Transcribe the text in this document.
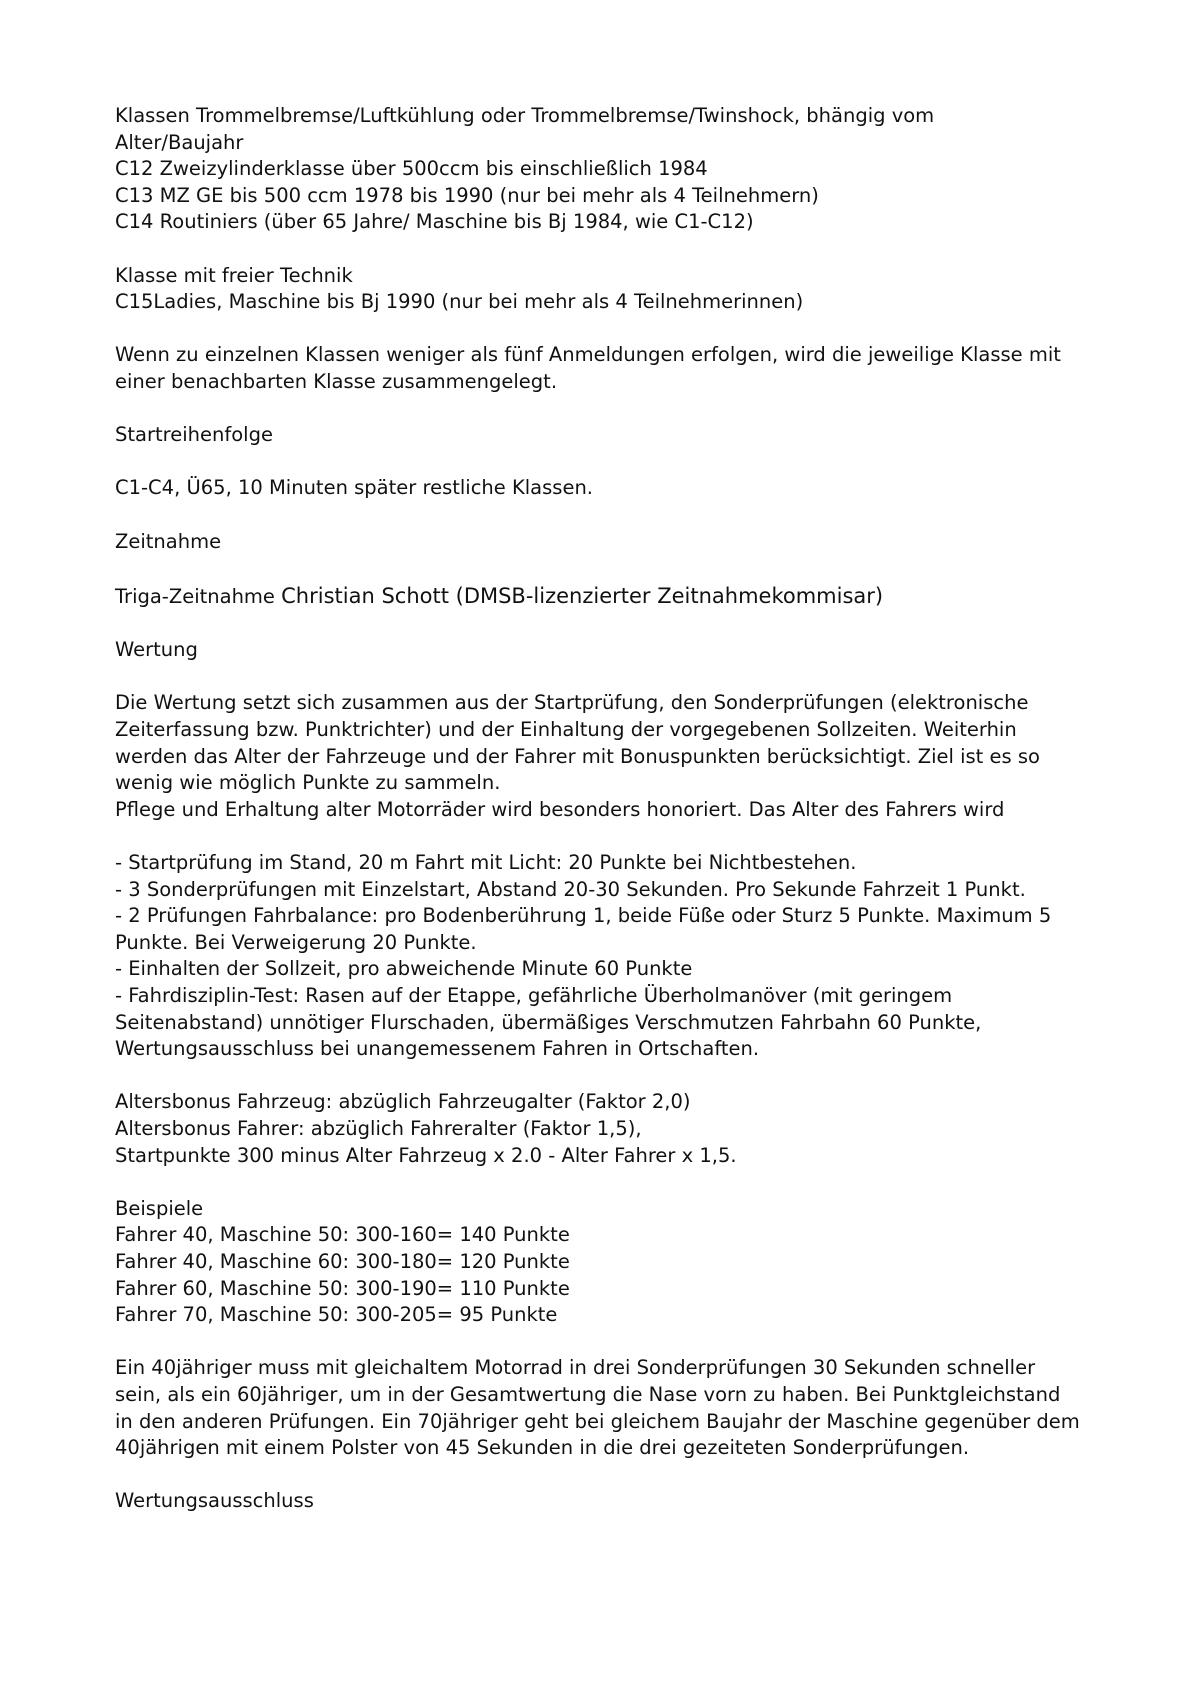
Klassen Trommelbremse/Luftkühlung oder Trommelbremse/Twinshock, bhängig vom
Alter/Baujahr
C12 Zweizylinderklasse über 500ccm bis einschließlich 1984
C13 MZ GE bis 500 ccm 1978 bis 1990 (nur bei mehr als 4 Teilnehmern)
C14 Routiniers (über 65 Jahre/ Maschine bis Bj 1984, wie C1-C12)
Klasse mit freier Technik
C15Ladies, Maschine bis Bj 1990 (nur bei mehr als 4 Teilnehmerinnen)
Wenn zu einzelnen Klassen weniger als fünf Anmeldungen erfolgen, wird die jeweilige Klasse mit
einer benachbarten Klasse zusammengelegt.
Startreihenfolge
C1-C4, Ü65, 10 Minuten später restliche Klassen.
Zeitnahme
Triga-Zeitnahme Christian Schott (DMSB-lizenzierter Zeitnahmekommisar)
Wertung
Die Wertung setzt sich zusammen aus der Startprüfung, den Sonderprüfungen (elektronische
Zeiterfassung bzw. Punktrichter) und der Einhaltung der vorgegebenen Sollzeiten. Weiterhin
werden das Alter der Fahrzeuge und der Fahrer mit Bonuspunkten berücksichtigt. Ziel ist es so
wenig wie möglich Punkte zu sammeln.
Pflege und Erhaltung alter Motorräder wird besonders honoriert. Das Alter des Fahrers wird
- Startprüfung im Stand, 20 m Fahrt mit Licht: 20 Punkte bei Nichtbestehen.
- 3 Sonderprüfungen mit Einzelstart, Abstand 20-30 Sekunden. Pro Sekunde Fahrzeit 1 Punkt.
- 2 Prüfungen Fahrbalance: pro Bodenberührung 1, beide Füße oder Sturz 5 Punkte. Maximum 5
Punkte. Bei Verweigerung 20 Punkte.
- Einhalten der Sollzeit, pro abweichende Minute 60 Punkte
- Fahrdisziplin-Test: Rasen auf der Etappe, gefährliche Überholmanöver (mit geringem
Seitenabstand) unnötiger Flurschaden, übermäßiges Verschmutzen Fahrbahn 60 Punkte,
Wertungsausschluss bei unangemessenem Fahren in Ortschaften.
Altersbonus Fahrzeug: abzüglich Fahrzeugalter (Faktor 2,0)
Altersbonus Fahrer: abzüglich Fahreralter (Faktor 1,5),
Startpunkte 300 minus Alter Fahrzeug x 2.0 - Alter Fahrer x 1,5.
Beispiele
Fahrer 40, Maschine 50: 300-160= 140 Punkte
Fahrer 40, Maschine 60: 300-180= 120 Punkte
Fahrer 60, Maschine 50: 300-190= 110 Punkte
Fahrer 70, Maschine 50: 300-205= 95 Punkte
Ein 40jähriger muss mit gleichaltem Motorrad in drei Sonderprüfungen 30 Sekunden schneller
sein, als ein 60jähriger, um in der Gesamtwertung die Nase vorn zu haben. Bei Punktgleichstand
in den anderen Prüfungen. Ein 70jähriger geht bei gleichem Baujahr der Maschine gegenüber dem
40jährigen mit einem Polster von 45 Sekunden in die drei gezeiteten Sonderprüfungen.
Wertungsausschluss
